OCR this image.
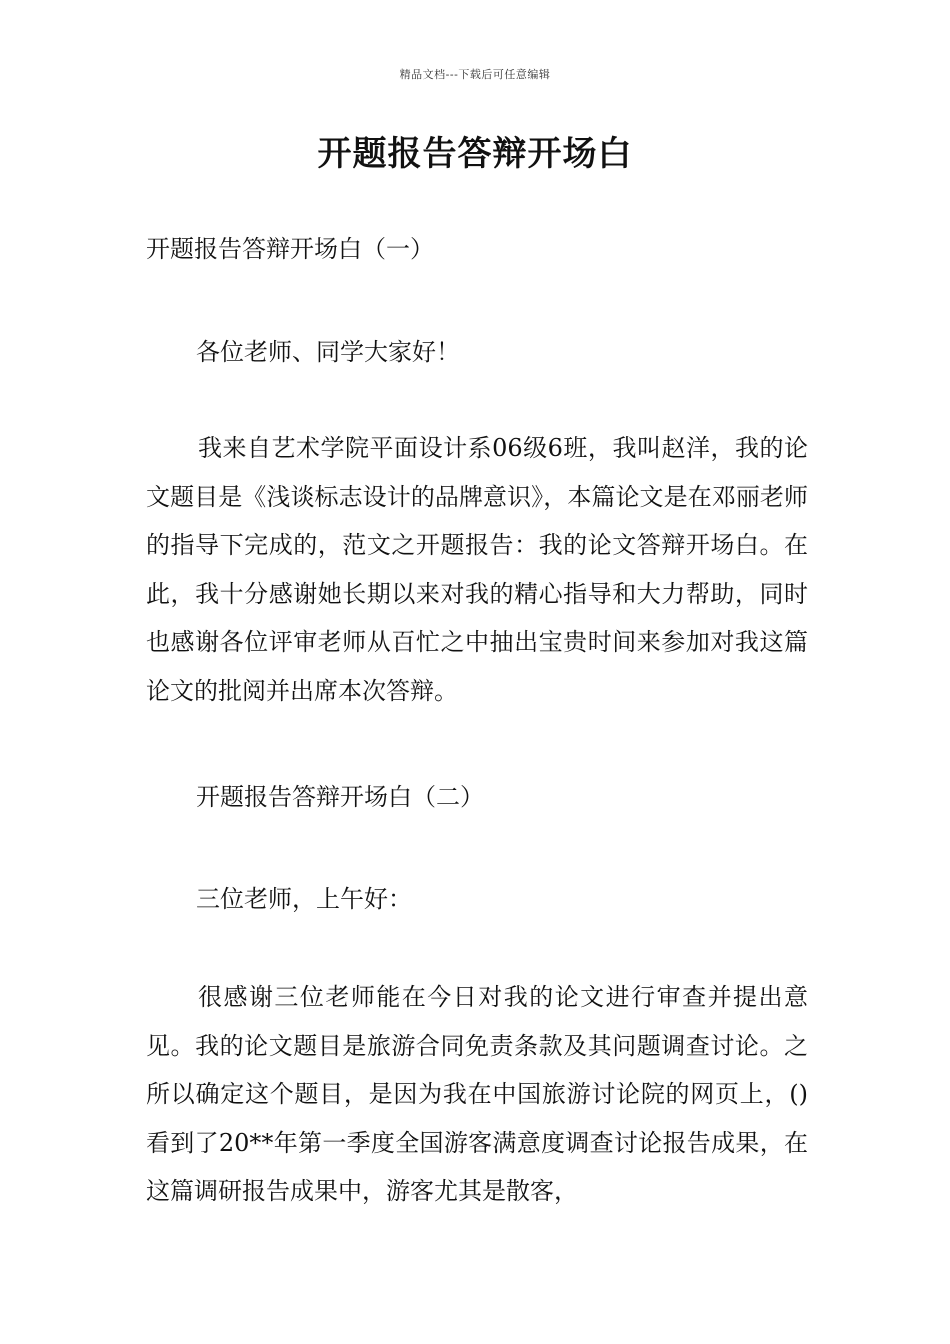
精品文档---下载后可任意编辑
开题报告答辩开场白
开题报告答辩开场白（一）
各位老师、同学大家好！

我来自艺术学院平面设计系06级6班，我叫赵洋，我的论文题目是《浅谈标志设计的品牌意识》，本篇论文是在邓丽老师的指导下完成的，范文之开题报告：我的论文答辩开场白。在此，我十分感谢她长期以来对我的精心指导和大力帮助，同时也感谢各位评审老师从百忙之中抽出宝贵时间来参加对我这篇论文的批阅并出席本次答辩。

开题报告答辩开场白（二）
三位老师，上午好：

很感谢三位老师能在今日对我的论文进行审查并提出意见。我的论文题目是旅游合同免责条款及其问题调查讨论。之所以确定这个题目，是因为我在中国旅游讨论院的网页上，()看到了20**年第一季度全国游客满意度调查讨论报告成果，在这篇调研报告成果中，游客尤其是散客，
